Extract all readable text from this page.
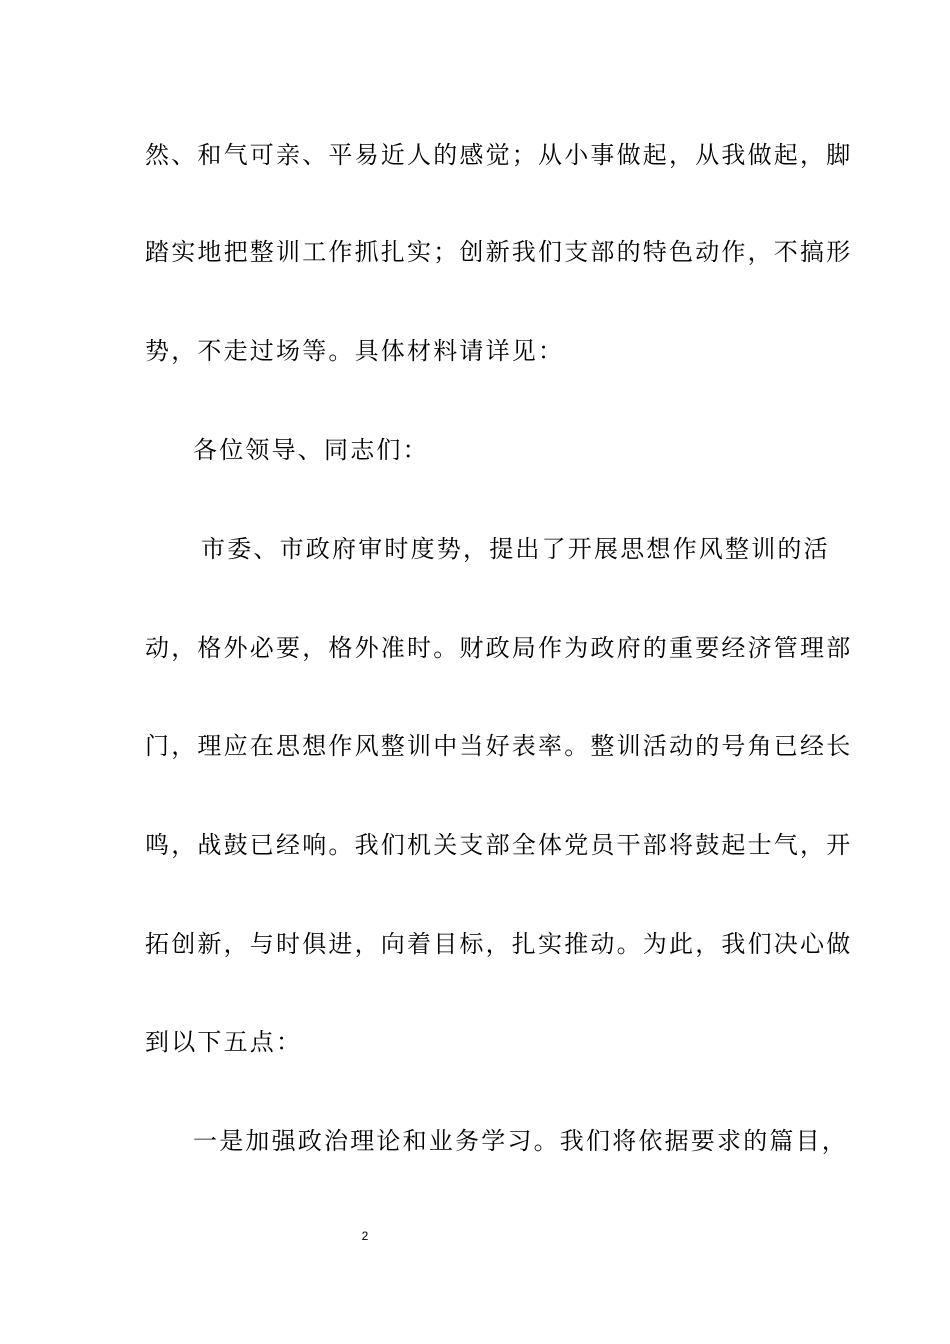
然、和气可亲、平易近人的感觉；从小事做起，从我做起，脚
踏实地把整训工作抓扎实；创新我们支部的特色动作，不搞形
势，不走过场等。具体材料请详见：
各位领导、同志们：
市委、市政府审时度势，提出了开展思想作风整训的活
动，格外必要，格外准时。财政局作为政府的重要经济管理部
门，理应在思想作风整训中当好表率。整训活动的号角已经长
鸣，战鼓已经响。我们机关支部全体党员干部将鼓起士气，开
拓创新，与时俱进，向着目标，扎实推动。为此，我们决心做
到以下五点：
一是加强政治理论和业务学习。我们将依据要求的篇目，
2
